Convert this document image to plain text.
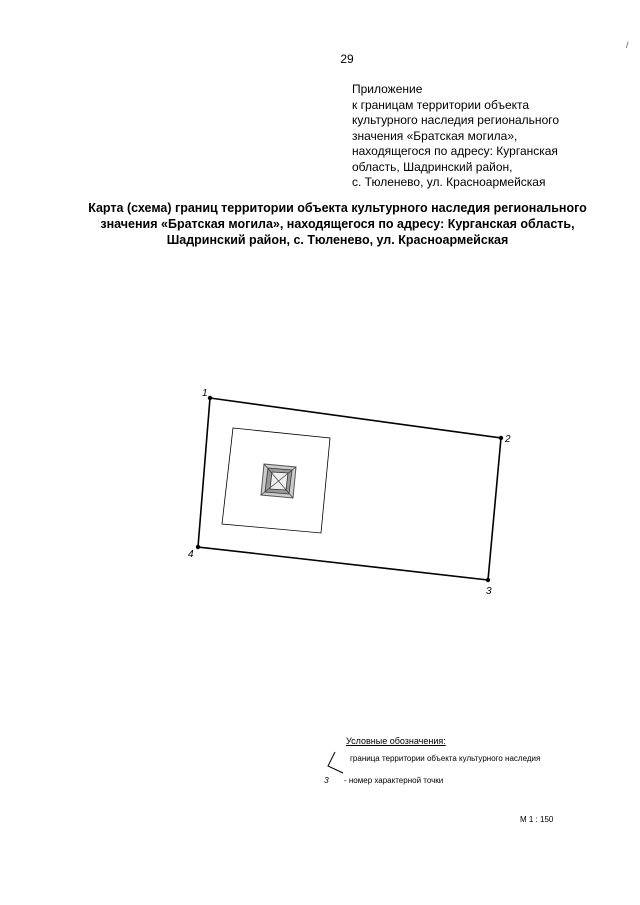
/
29
Приложение
к границам территории объекта
культурного наследия регионального
значения «Братская могила»,
находящегося по адресу: Курганская
область, Шадринский район,
с. Тюленево, ул. Красноармейская
Карта (схема) границ территории объекта культурного наследия регионального
значения «Братская могила», находящегося по адресу: Курганская область,
Шадринский район, с. Тюленево, ул. Красноармейская
1
2
3
4
Условные обозначения:
граница территории объекта культурного наследия
3 - номер характерной точки
М 1 : 150
